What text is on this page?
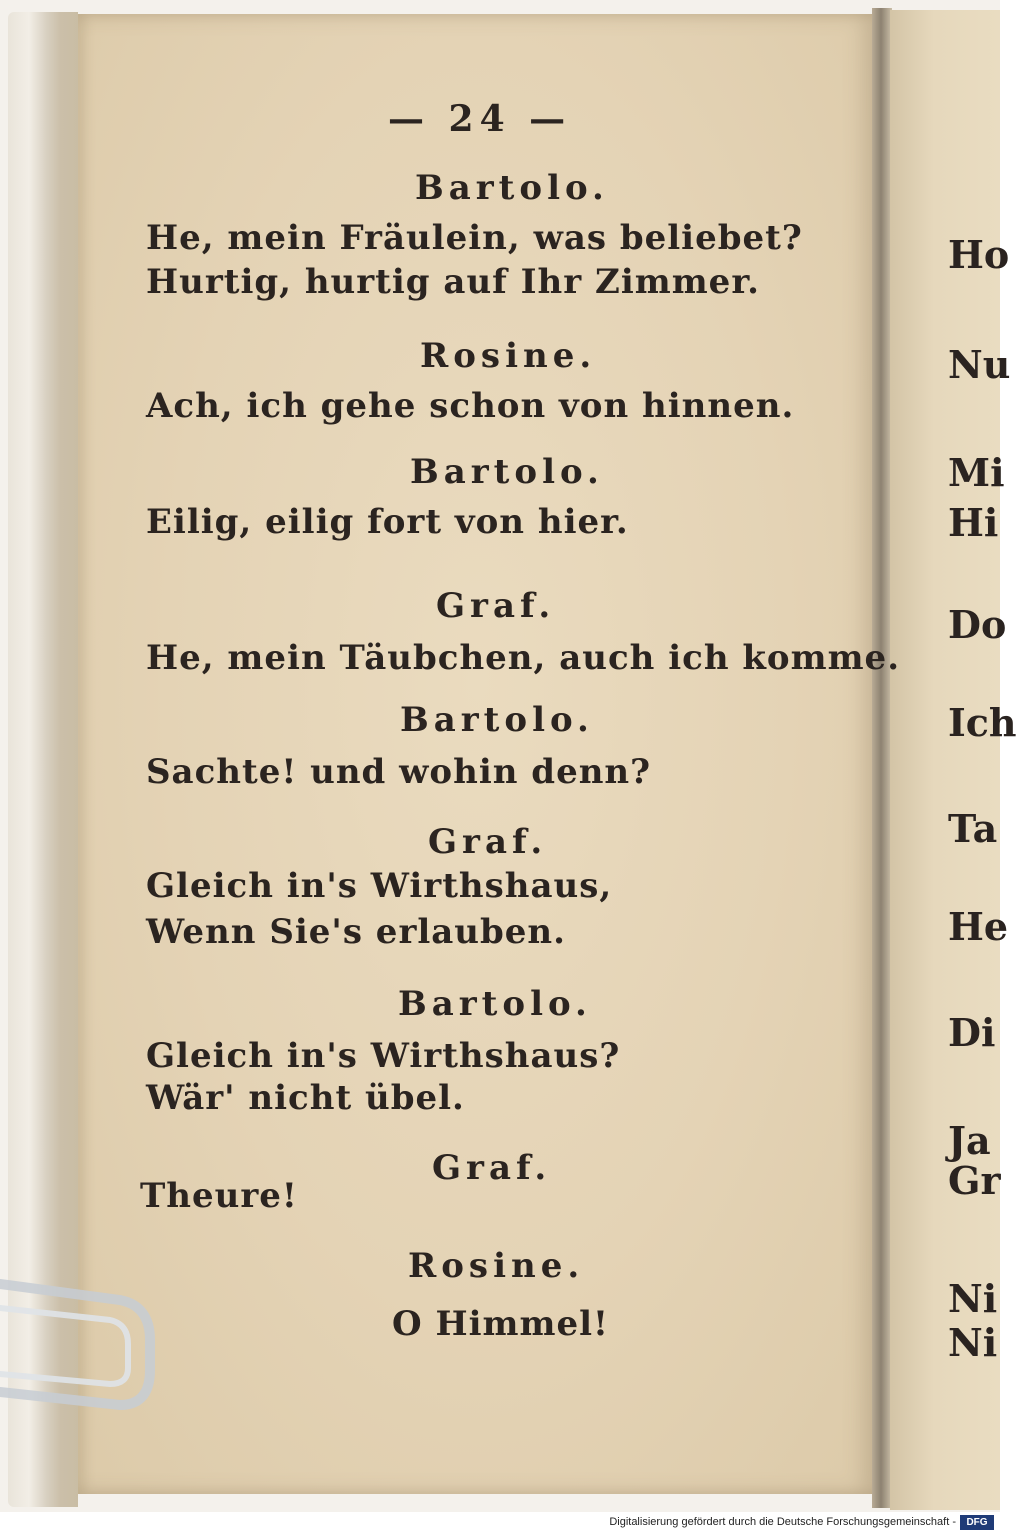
Ho
Nu
Mi
Hi
Do
Ich
Ta
He
Di
Ja
Gr
Ni
Ni
— 24 —
Bartolo.
He, mein Fräulein, was beliebet?
Hurtig, hurtig auf Ihr Zimmer.
Rosine.
Ach, ich gehe schon von hinnen.
Bartolo.
Eilig, eilig fort von hier.
Graf.
He, mein Täubchen, auch ich komme.
Bartolo.
Sachte! und wohin denn?
Graf.
Gleich in's Wirthshaus,
Wenn Sie's erlauben.
Bartolo.
Gleich in's Wirthshaus?
Wär' nicht übel.
Graf.
Theure!
Rosine.
O Himmel!
Digitalisierung gefördert durch die Deutsche Forschungsgemeinschaft -	DFG
